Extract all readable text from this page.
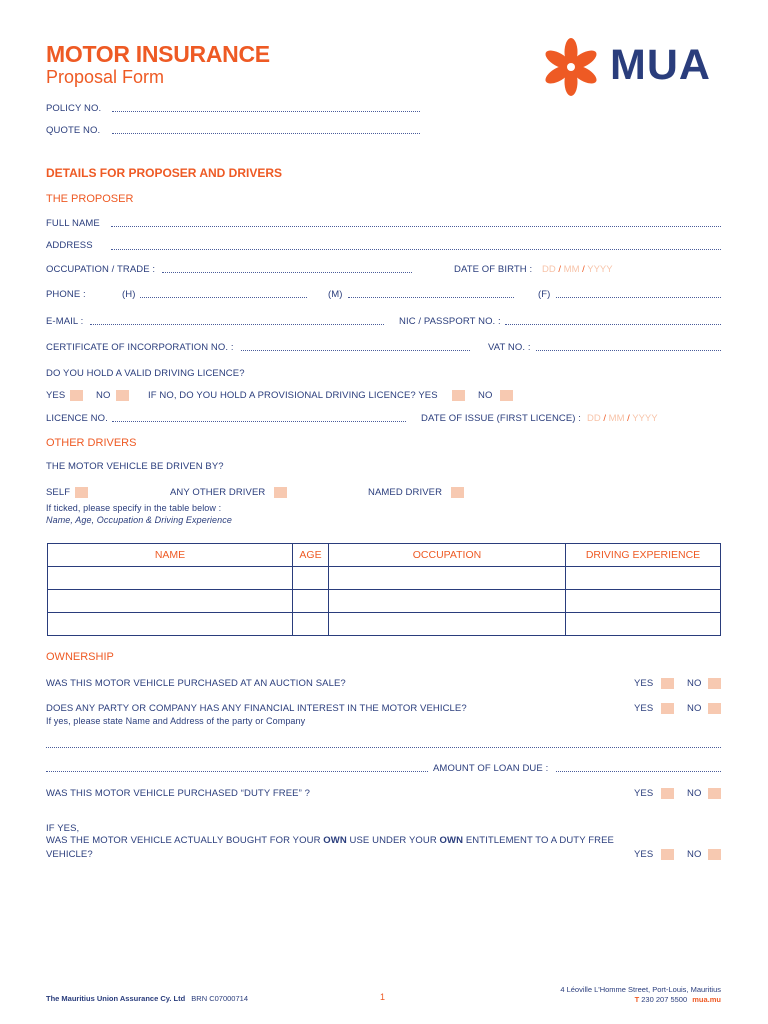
MOTOR INSURANCE
Proposal Form	MUA
POLICY NO.
QUOTE NO.
DETAILS FOR PROPOSER AND DRIVERS
THE PROPOSER
FULL NAME
ADDRESS
OCCUPATION / TRADE :	DATE OF BIRTH : DD / MM / YYYY
PHONE :	(H)	(M)	(F)
E-MAIL :	NIC / PASSPORT NO. :
CERTIFICATE OF INCORPORATION NO. :	VAT NO. :
DO YOU HOLD A VALID DRIVING LICENCE?
YES	NO	IF NO, DO YOU HOLD A PROVISIONAL DRIVING LICENCE? YES	NO
LICENCE NO.	DATE OF ISSUE (FIRST LICENCE) : DD / MM / YYYY
OTHER DRIVERS
THE MOTOR VEHICLE BE DRIVEN BY?
SELF	ANY OTHER DRIVER	NAMED DRIVER
If ticked, please specify in the table below :
Name, Age, Occupation & Driving Experience
NAME	AGE	OCCUPATION	DRIVING EXPERIENCE

OWNERSHIP
WAS THIS MOTOR VEHICLE PURCHASED AT AN AUCTION SALE?	YES	NO
DOES ANY PARTY OR COMPANY HAS ANY FINANCIAL INTEREST IN THE MOTOR VEHICLE?	YES	NO
If yes, please state Name and Address of the party or Company
AMOUNT OF LOAN DUE :
WAS THIS MOTOR VEHICLE PURCHASED “DUTY FREE” ?	YES	NO
IF YES,
WAS THE MOTOR VEHICLE ACTUALLY BOUGHT FOR YOUR OWN USE UNDER YOUR OWN ENTITLEMENT TO A DUTY FREE
VEHICLE?	YES	NO
The Mauritius Union Assurance Cy. Ltd BRN C07000714	1
4 Léoville L'Homme Street, Port-Louis, Mauritius
T 230 207 5500 mua.mu
